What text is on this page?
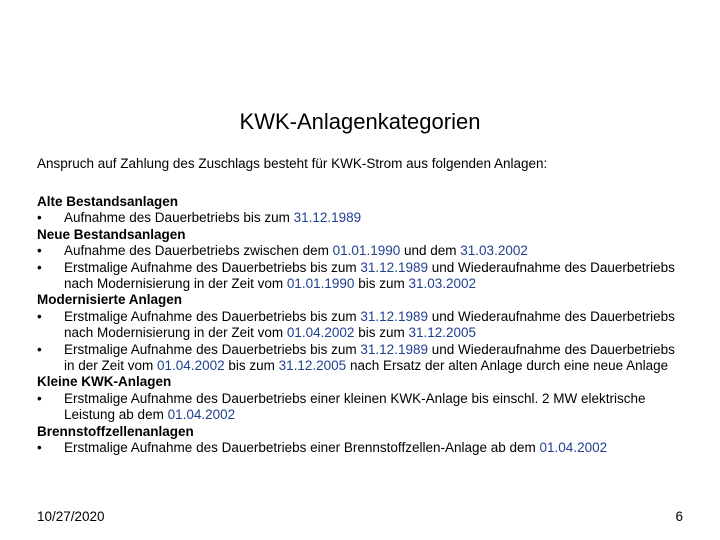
KWK-Anlagenkategorien
Anspruch auf Zahlung des Zuschlags besteht für KWK-Strom aus folgenden Anlagen:
Alte Bestandsanlagen
• Aufnahme des Dauerbetriebs bis zum 31.12.1989
Neue Bestandsanlagen
• Aufnahme des Dauerbetriebs zwischen dem 01.01.1990 und dem 31.03.2002
• Erstmalige Aufnahme des Dauerbetriebs bis zum 31.12.1989 und Wiederaufnahme des Dauerbetriebs nach Modernisierung in der Zeit vom 01.01.1990 bis zum 31.03.2002
Modernisierte Anlagen
• Erstmalige Aufnahme des Dauerbetriebs bis zum 31.12.1989 und Wiederaufnahme des Dauerbetriebs nach Modernisierung in der Zeit vom 01.04.2002 bis zum 31.12.2005
• Erstmalige Aufnahme des Dauerbetriebs bis zum 31.12.1989 und Wiederaufnahme des Dauerbetriebs in der Zeit vom 01.04.2002 bis zum 31.12.2005 nach Ersatz der alten Anlage durch eine neue Anlage
Kleine KWK-Anlagen
• Erstmalige Aufnahme des Dauerbetriebs einer kleinen KWK-Anlage bis einschl. 2 MW elektrische Leistung ab dem 01.04.2002
Brennstoffzellenanlagen
• Erstmalige Aufnahme des Dauerbetriebs einer Brennstoffzellen-Anlage ab dem 01.04.2002
10/27/2020	6
